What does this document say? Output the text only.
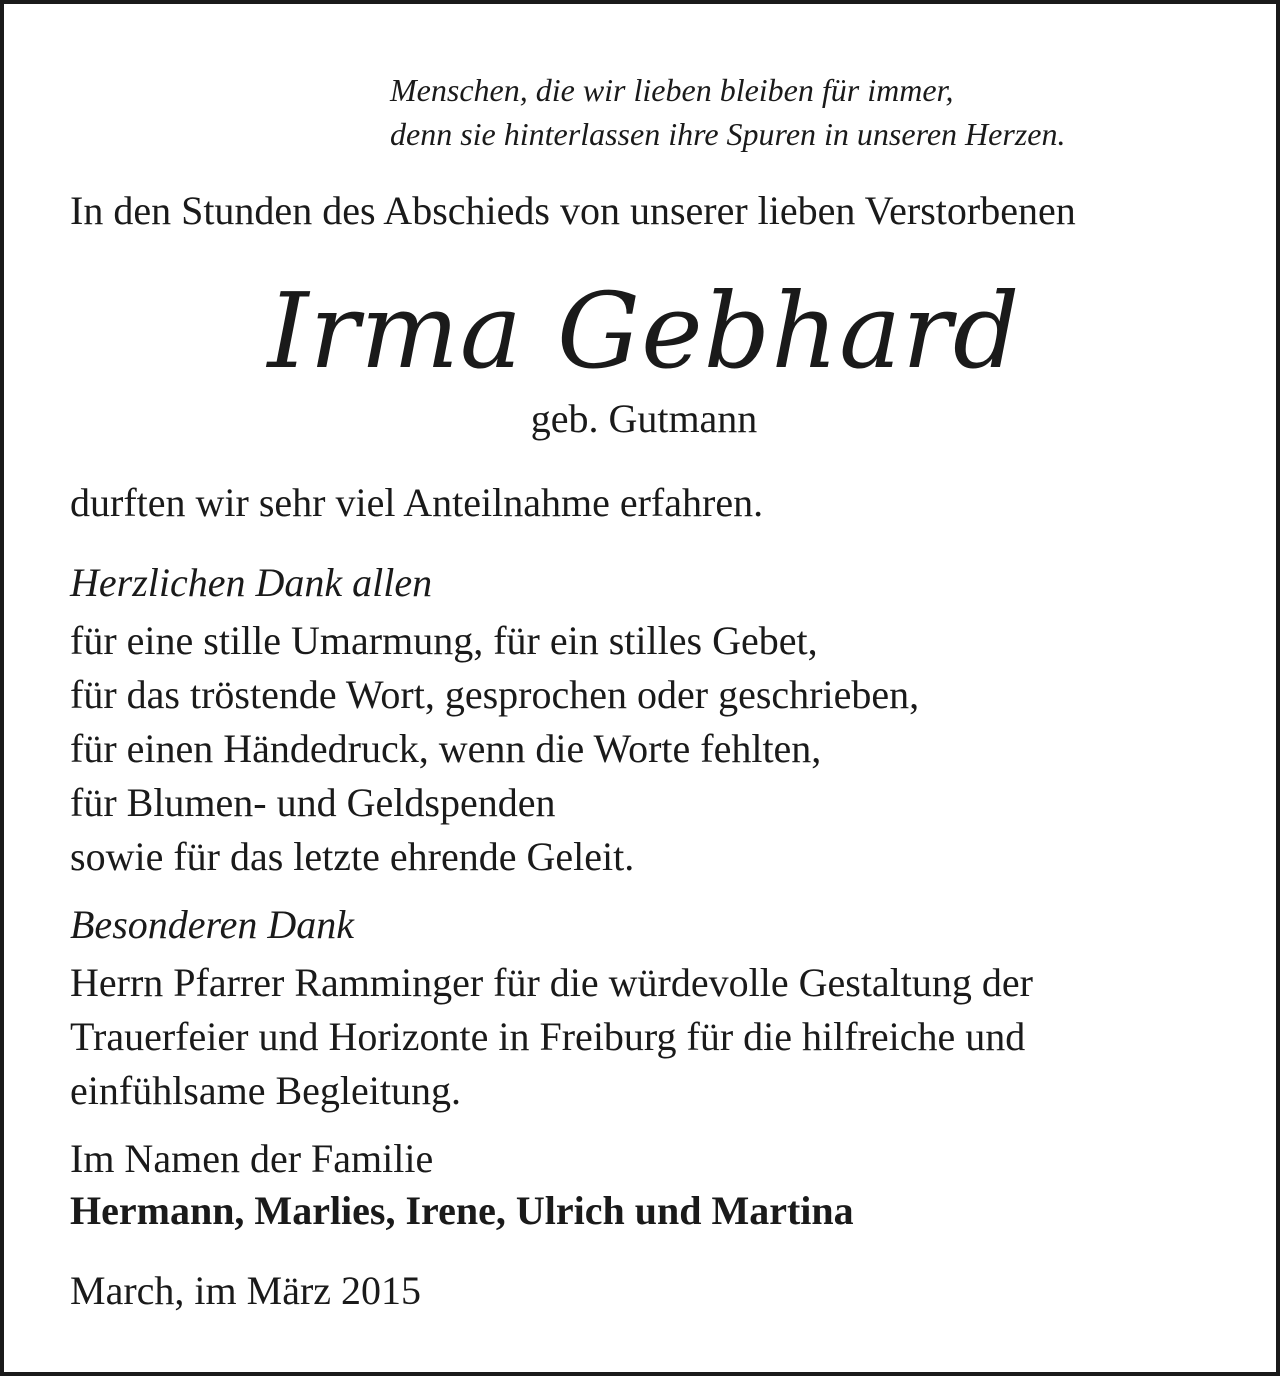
Menschen, die wir lieben bleiben für immer,
denn sie hinterlassen ihre Spuren in unseren Herzen.
In den Stunden des Abschieds von unserer lieben Verstorbenen
Irma Gebhard
geb. Gutmann
durften wir sehr viel Anteilnahme erfahren.
Herzlichen Dank allen
für eine stille Umarmung, für ein stilles Gebet,
für das tröstende Wort, gesprochen oder geschrieben,
für einen Händedruck, wenn die Worte fehlten,
für Blumen- und Geldspenden
sowie für das letzte ehrende Geleit.
Besonderen Dank
Herrn Pfarrer Ramminger für die würdevolle Gestaltung der
Trauerfeier und Horizonte in Freiburg für die hilfreiche und
einfühlsame Begleitung.
Im Namen der Familie
Hermann, Marlies, Irene, Ulrich und Martina
March, im März 2015
